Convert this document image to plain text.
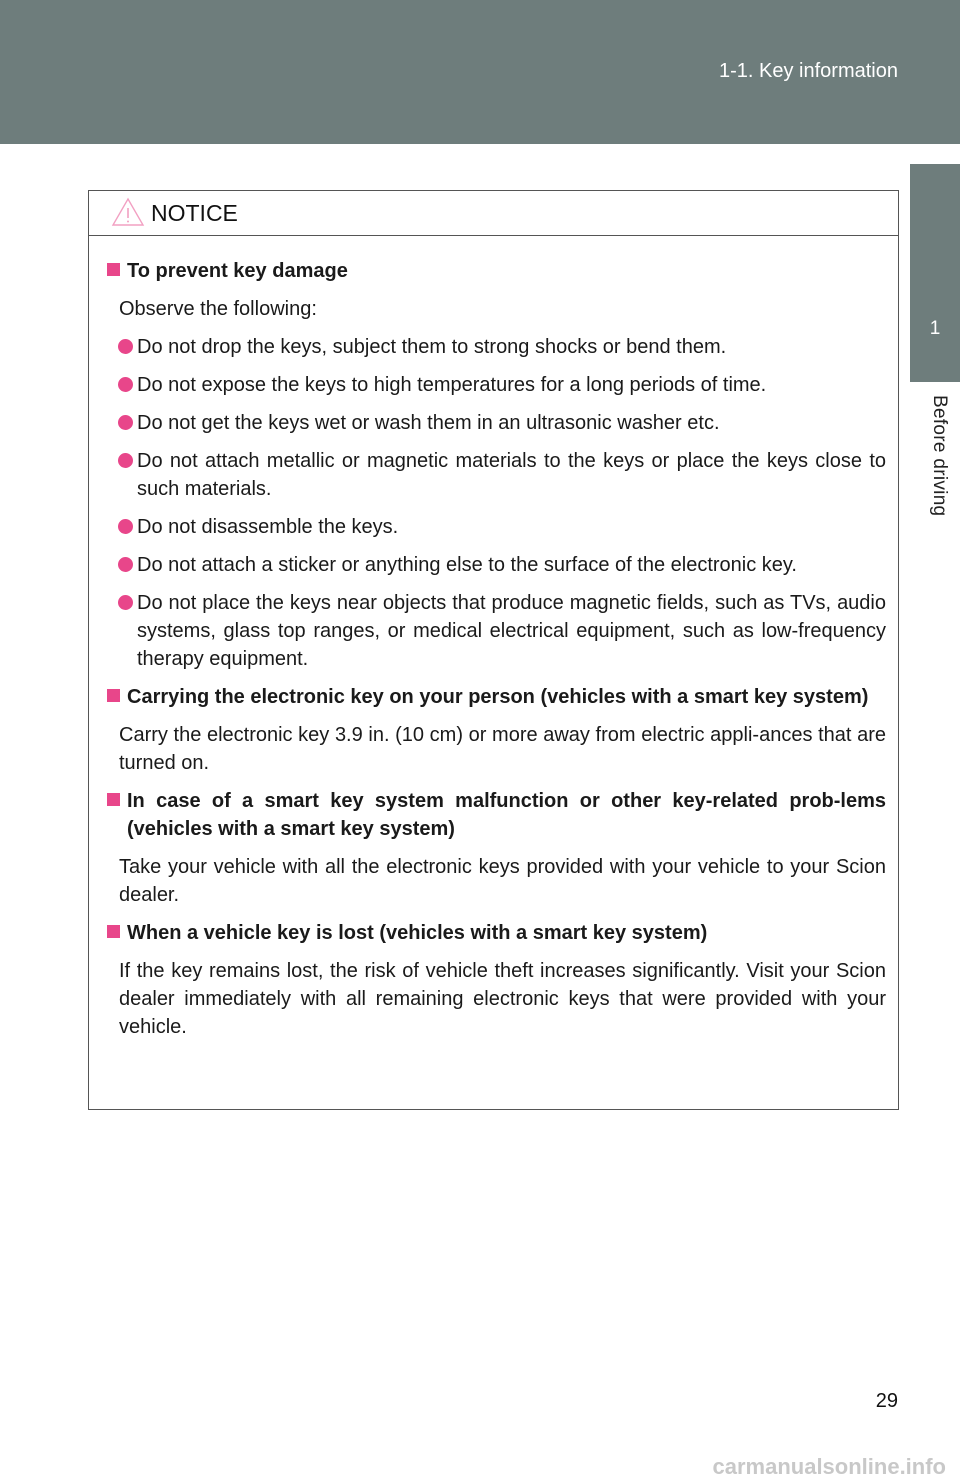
1-1. Key information
1
Before driving
NOTICE
To prevent key damage
Observe the following:
Do not drop the keys, subject them to strong shocks or bend them.
Do not expose the keys to high temperatures for a long periods of time.
Do not get the keys wet or wash them in an ultrasonic washer etc.
Do not attach metallic or magnetic materials to the keys or place the keys close to such materials.
Do not disassemble the keys.
Do not attach a sticker or anything else to the surface of the electronic key.
Do not place the keys near objects that produce magnetic fields, such as TVs, audio systems, glass top ranges, or medical electrical equipment, such as low-frequency therapy equipment.
Carrying the electronic key on your person (vehicles with a smart key system)
Carry the electronic key 3.9 in. (10 cm) or more away from electric appli-ances that are turned on.
In case of a smart key system malfunction or other key-related prob-lems (vehicles with a smart key system)
Take your vehicle with all the electronic keys provided with your vehicle to your Scion dealer.
When a vehicle key is lost (vehicles with a smart key system)
If the key remains lost, the risk of vehicle theft increases significantly. Visit your Scion dealer immediately with all remaining electronic keys that were provided with your vehicle.
29
carmanualsonline.info
